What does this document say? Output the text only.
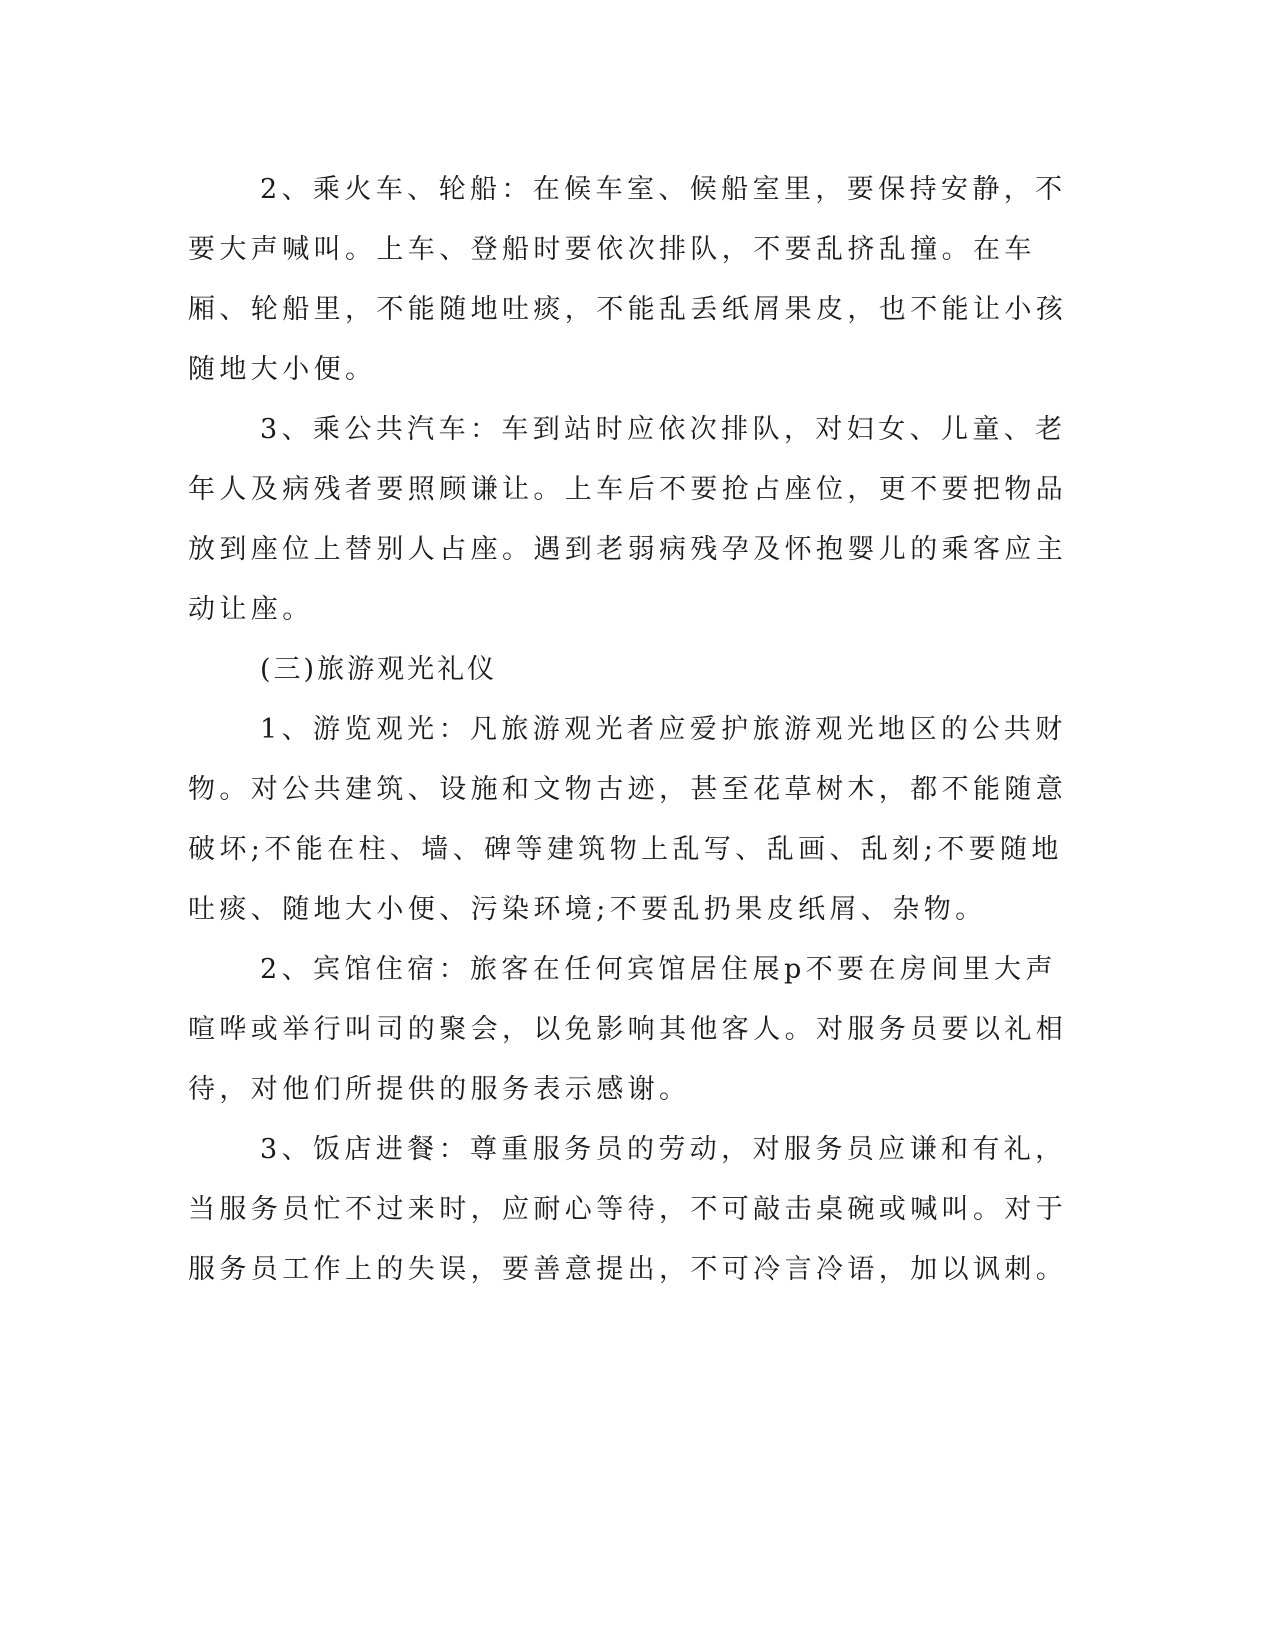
2、乘火车、轮船：在候车室、候船室里，要保持安静，不要大声喊叫。上车、登船时要依次排队，不要乱挤乱撞。在车厢、轮船里，不能随地吐痰，不能乱丢纸屑果皮，也不能让小孩随地大小便。

3、乘公共汽车：车到站时应依次排队，对妇女、儿童、老年人及病残者要照顾谦让。上车后不要抢占座位，更不要把物品放到座位上替别人占座。遇到老弱病残孕及怀抱婴儿的乘客应主动让座。

(三)旅游观光礼仪

1、游览观光：凡旅游观光者应爱护旅游观光地区的公共财物。对公共建筑、设施和文物古迹，甚至花草树木，都不能随意破坏;不能在柱、墙、碑等建筑物上乱写、乱画、乱刻;不要随地吐痰、随地大小便、污染环境;不要乱扔果皮纸屑、杂物。

2、宾馆住宿：旅客在任何宾馆居住展p不要在房间里大声喧哗或举行叫司的聚会，以免影响其他客人。对服务员要以礼相待，对他们所提供的服务表示感谢。

3、饭店进餐：尊重服务员的劳动，对服务员应谦和有礼，当服务员忙不过来时，应耐心等待，不可敲击桌碗或喊叫。对于服务员工作上的失误，要善意提出，不可冷言冷语，加以讽刺。
